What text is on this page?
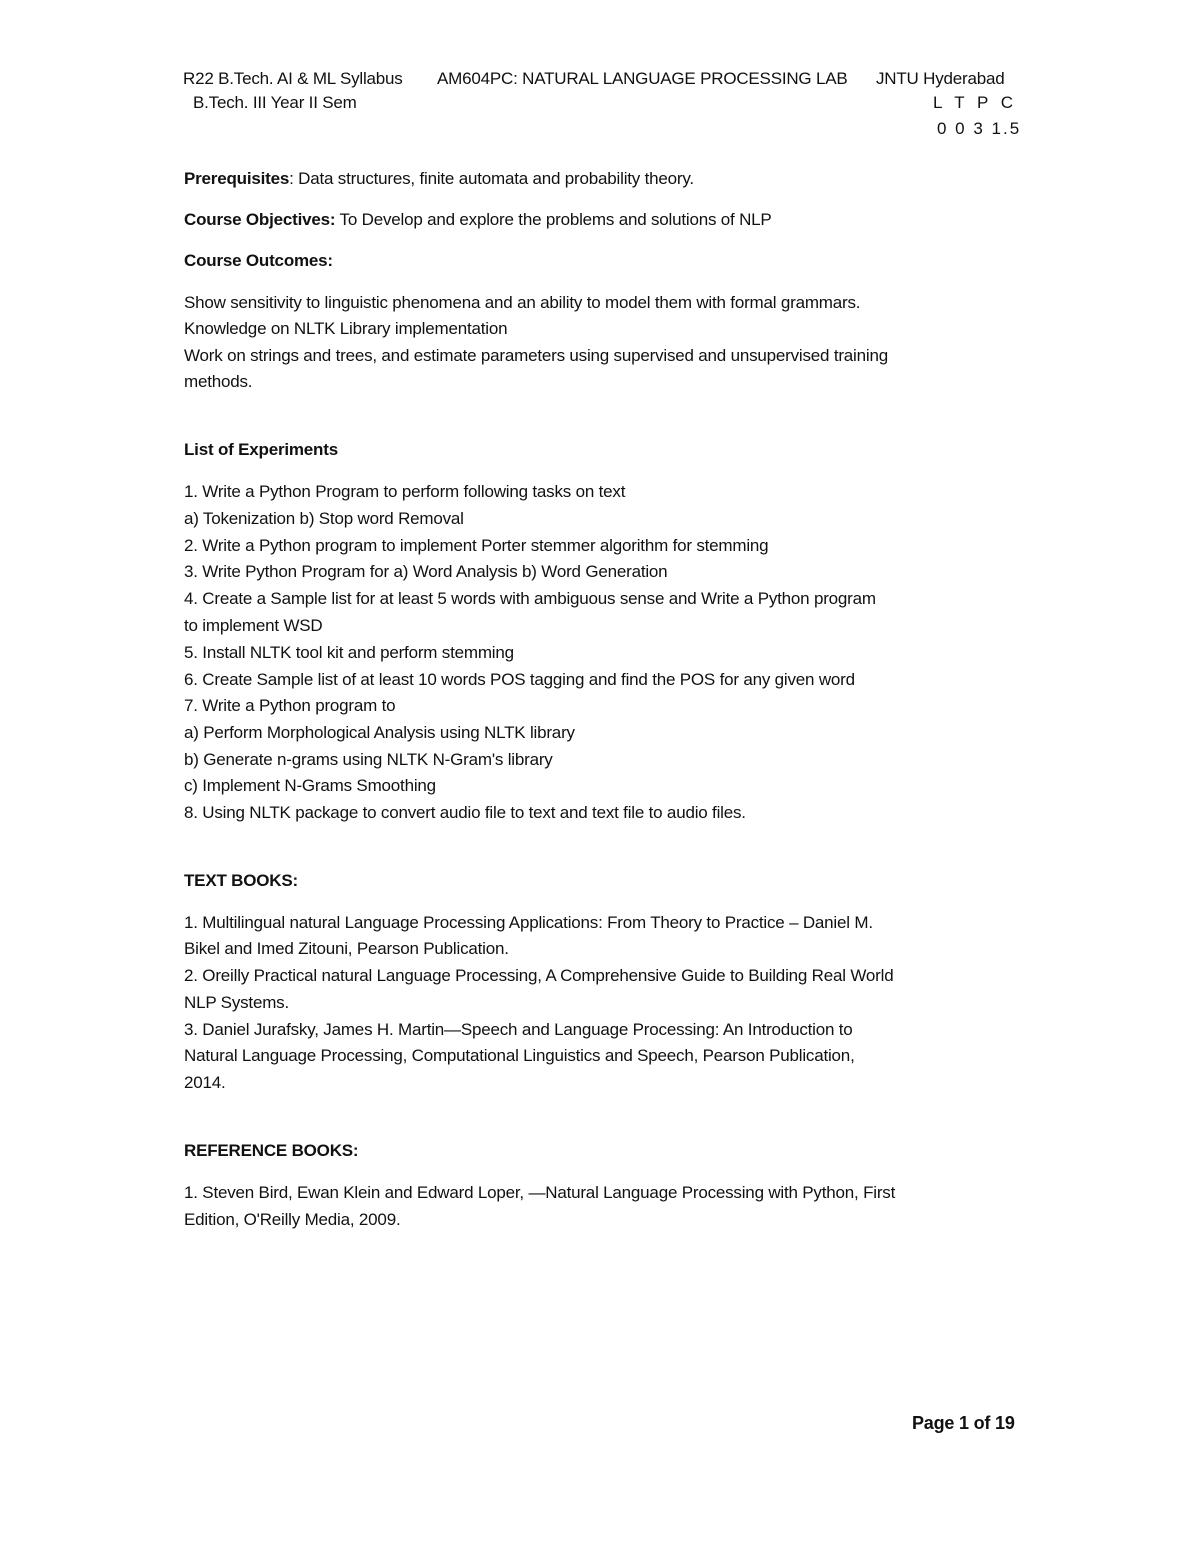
R22 B.Tech. AI & ML Syllabus AM604PC: NATURAL LANGUAGE PROCESSING LAB JNTU Hyderabad
B.Tech. III Year II Sem	L T P C
0 0 3 1.5
Prerequisites: Data structures, finite automata and probability theory.
Course Objectives: To Develop and explore the problems and solutions of NLP
Course Outcomes:
Show sensitivity to linguistic phenomena and an ability to model them with formal grammars.
Knowledge on NLTK Library implementation
Work on strings and trees, and estimate parameters using supervised and unsupervised training
methods.
List of Experiments
1. Write a Python Program to perform following tasks on text
a) Tokenization b) Stop word Removal
2. Write a Python program to implement Porter stemmer algorithm for stemming
3. Write Python Program for a) Word Analysis b) Word Generation
4. Create a Sample list for at least 5 words with ambiguous sense and Write a Python program
to implement WSD
5. Install NLTK tool kit and perform stemming
6. Create Sample list of at least 10 words POS tagging and find the POS for any given word
7. Write a Python program to
a) Perform Morphological Analysis using NLTK library
b) Generate n-grams using NLTK N-Gram's library
c) Implement N-Grams Smoothing
8. Using NLTK package to convert audio file to text and text file to audio files.
TEXT BOOKS:
1. Multilingual natural Language Processing Applications: From Theory to Practice – Daniel M.
Bikel and Imed Zitouni, Pearson Publication.
2. Oreilly Practical natural Language Processing, A Comprehensive Guide to Building Real World
NLP Systems.
3. Daniel Jurafsky, James H. Martin―Speech and Language Processing: An Introduction to
Natural Language Processing, Computational Linguistics and Speech, Pearson Publication,
2014.
REFERENCE BOOKS:
1. Steven Bird, Ewan Klein and Edward Loper, ―Natural Language Processing with Python, First
Edition, O'Reilly Media, 2009.
Page 1 of 19
